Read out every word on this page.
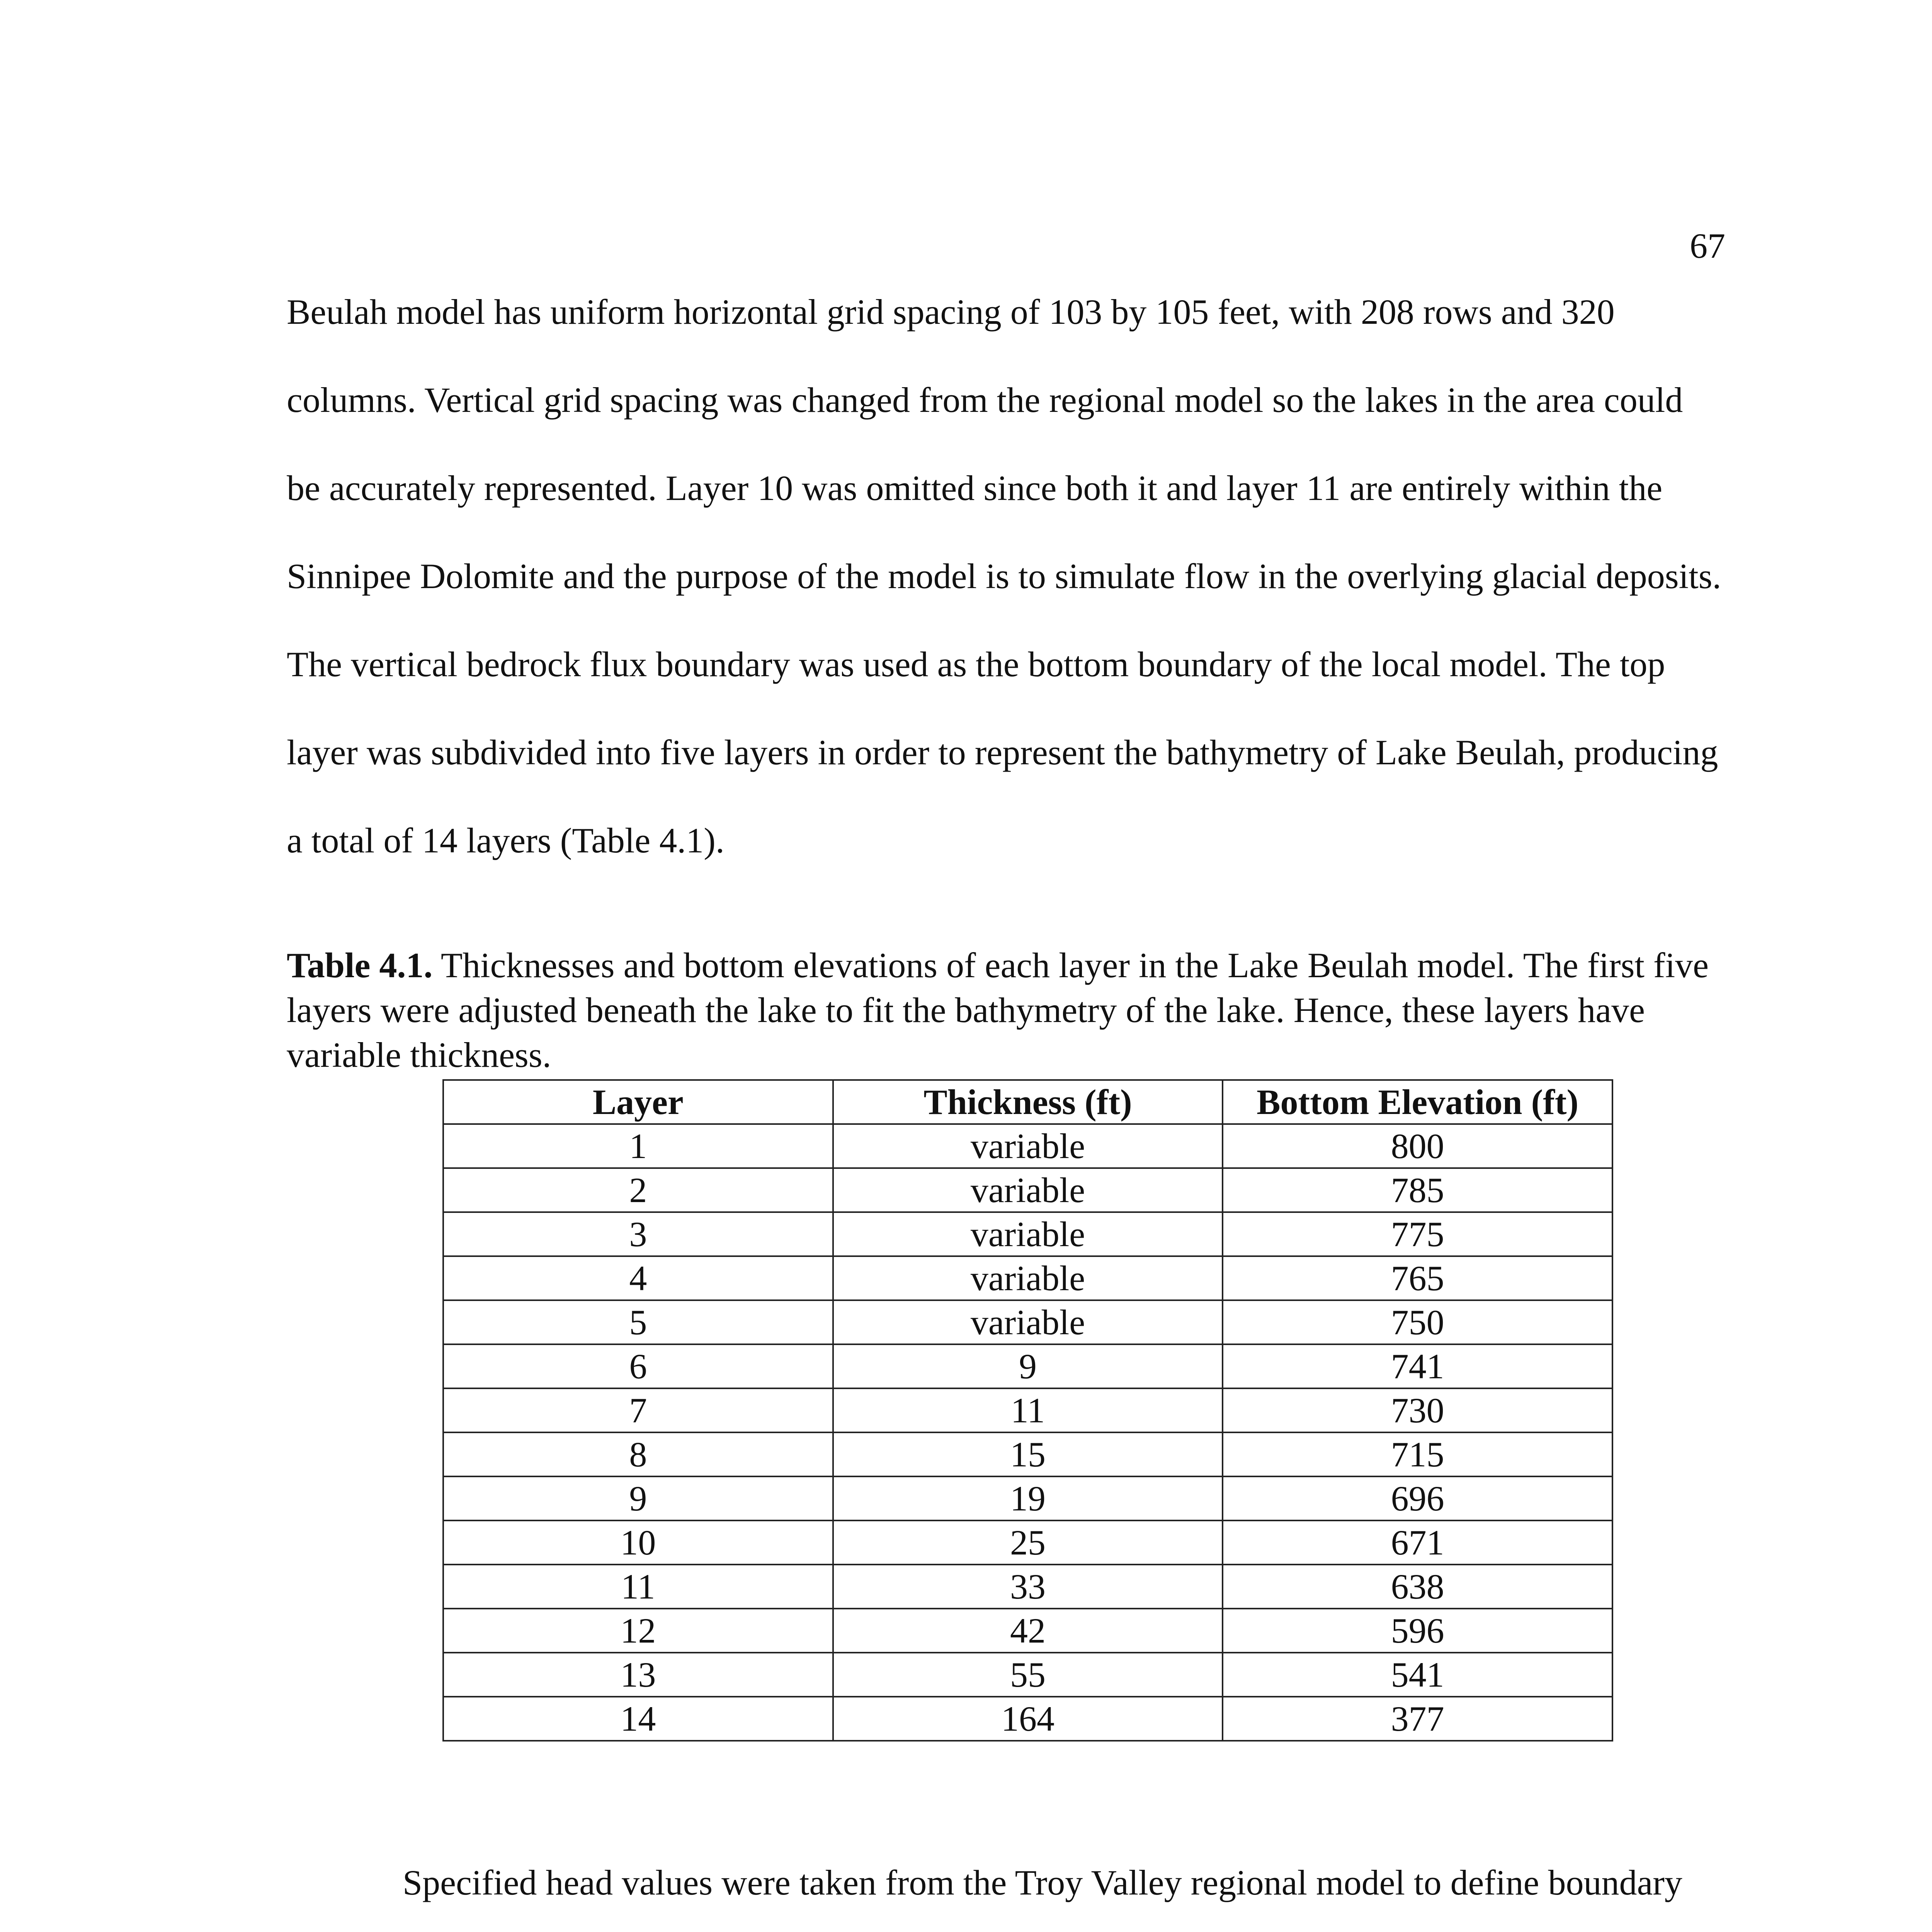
67

Beulah model has uniform horizontal grid spacing of 103 by 105 feet, with 208 rows and 320 columns. Vertical grid spacing was changed from the regional model so the lakes in the area could be accurately represented. Layer 10 was omitted since both it and layer 11 are entirely within the Sinnipee Dolomite and the purpose of the model is to simulate flow in the overlying glacial deposits. The vertical bedrock flux boundary was used as the bottom boundary of the local model. The top layer was subdivided into five layers in order to represent the bathymetry of Lake Beulah, producing a total of 14 layers (Table 4.1).

Table 4.1. Thicknesses and bottom elevations of each layer in the Lake Beulah model. The first five layers were adjusted beneath the lake to fit the bathymetry of the lake. Hence, these layers have variable thickness.

Layer	Thickness (ft)	Bottom Elevation (ft)
1	variable	800
2	variable	785
3	variable	775
4	variable	765
5	variable	750
6	9	741
7	11	730
8	15	715
9	19	696
10	25	671
11	33	638
12	42	596
13	55	541
14	164	377

Specified head values were taken from the Troy Valley regional model to define boundary
